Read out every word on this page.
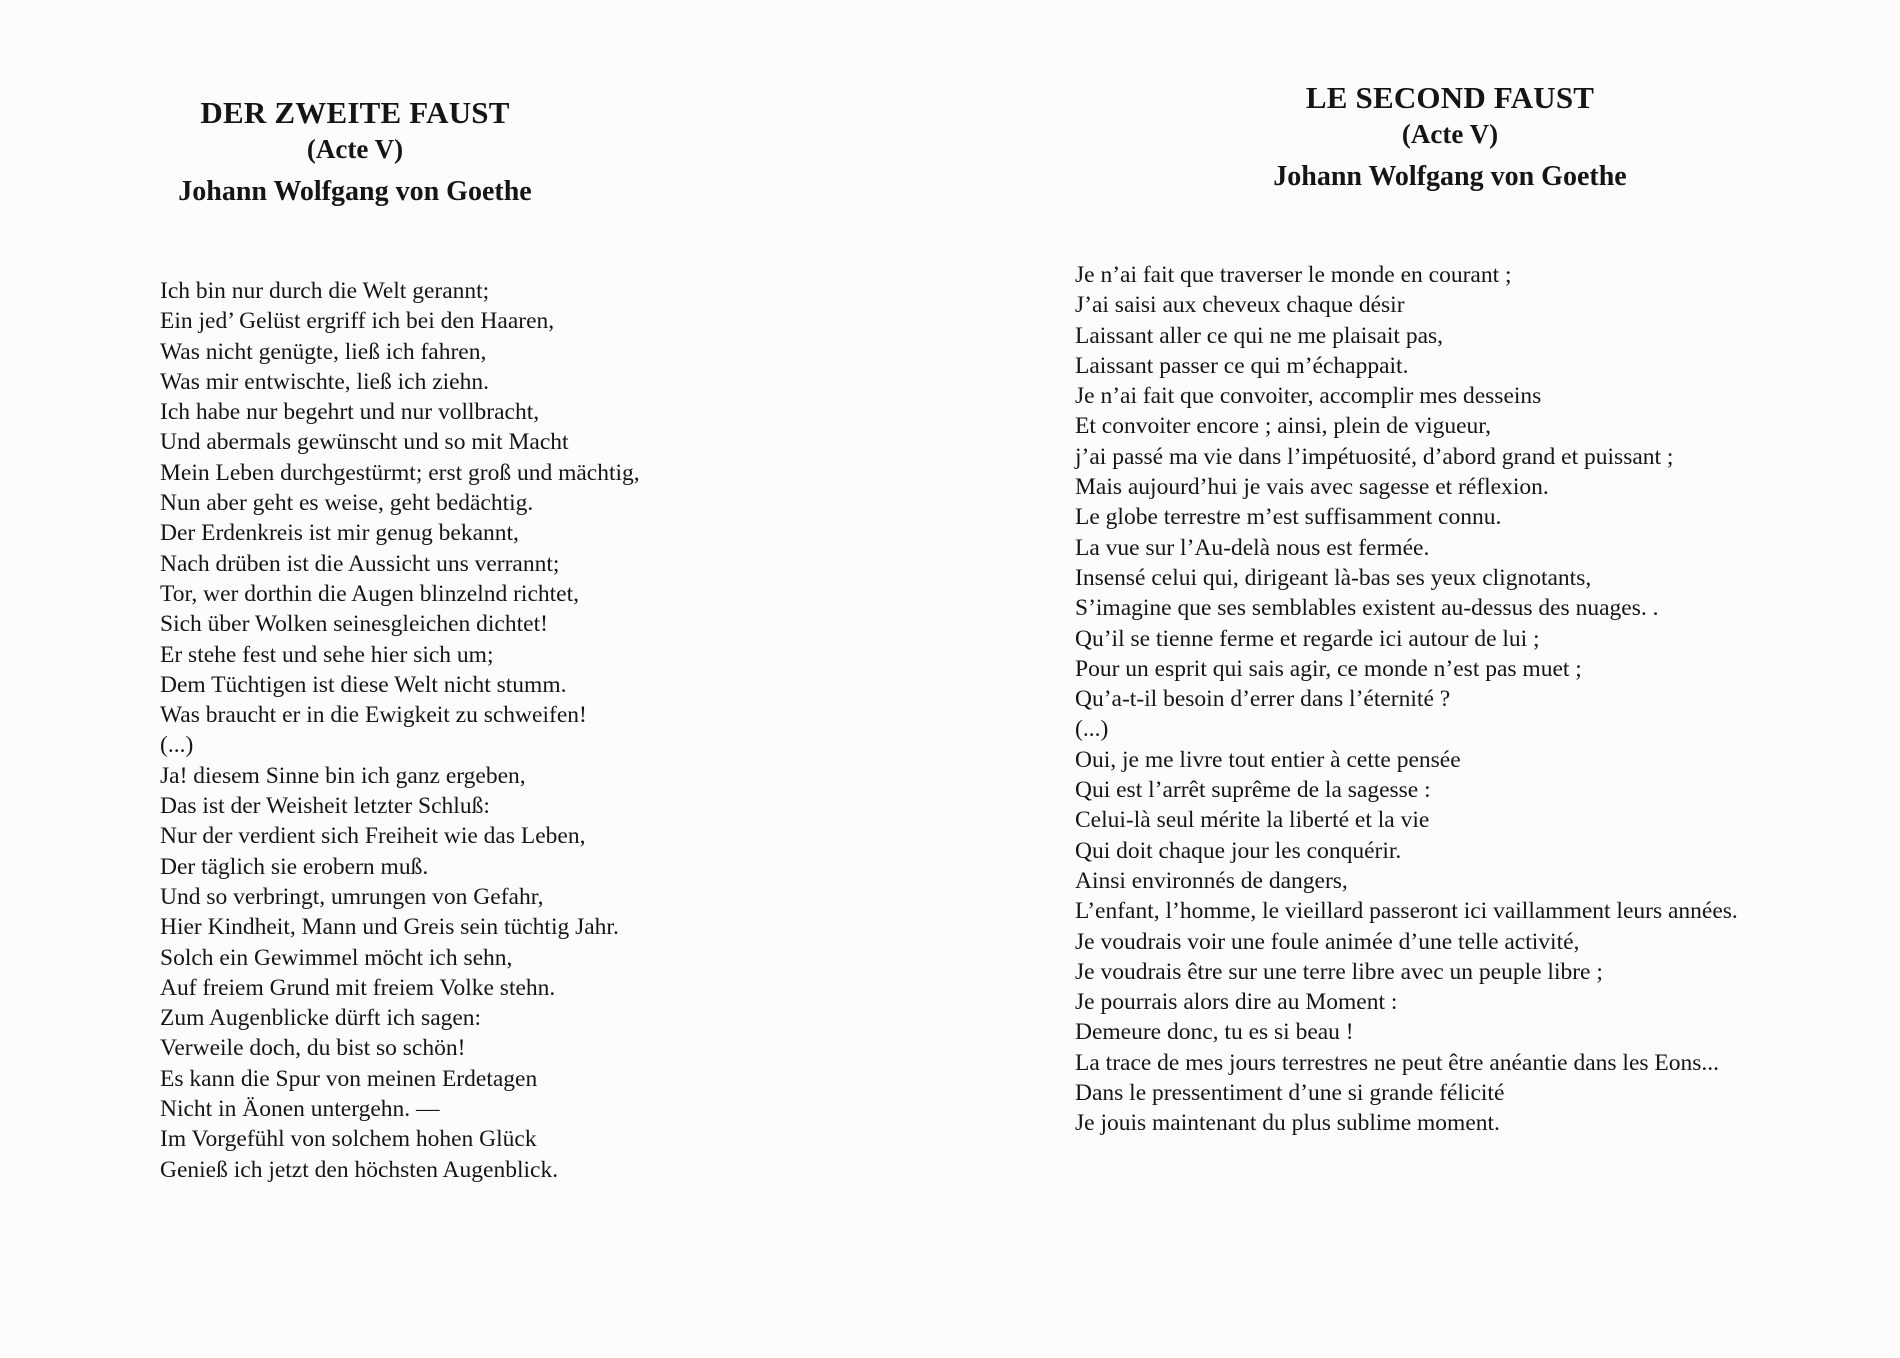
DER ZWEITE FAUST
(Acte V)
Johann Wolfgang von Goethe
Ich bin nur durch die Welt gerannt;
Ein jed’ Gelüst ergriff ich bei den Haaren,
Was nicht genügte, ließ ich fahren,
Was mir entwischte, ließ ich ziehn.
Ich habe nur begehrt und nur vollbracht,
Und abermals gewünscht und so mit Macht
Mein Leben durchgestürmt; erst groß und mächtig,
Nun aber geht es weise, geht bedächtig.
Der Erdenkreis ist mir genug bekannt,
Nach drüben ist die Aussicht uns verrannt;
Tor, wer dorthin die Augen blinzelnd richtet,
Sich über Wolken seinesgleichen dichtet!
Er stehe fest und sehe hier sich um;
Dem Tüchtigen ist diese Welt nicht stumm.
Was braucht er in die Ewigkeit zu schweifen!
(...)
Ja! diesem Sinne bin ich ganz ergeben,
Das ist der Weisheit letzter Schluß:
Nur der verdient sich Freiheit wie das Leben,
Der täglich sie erobern muß.
Und so verbringt, umrungen von Gefahr,
Hier Kindheit, Mann und Greis sein tüchtig Jahr.
Solch ein Gewimmel möcht ich sehn,
Auf freiem Grund mit freiem Volke stehn.
Zum Augenblicke dürft ich sagen:
Verweile doch, du bist so schön!
Es kann die Spur von meinen Erdetagen
Nicht in Äonen untergehn. —
Im Vorgefühl von solchem hohen Glück
Genieß ich jetzt den höchsten Augenblick.
LE SECOND FAUST
(Acte V)
Johann Wolfgang von Goethe
Je n’ai fait que traverser le monde en courant ;
J’ai saisi aux cheveux chaque désir
Laissant aller ce qui ne me plaisait pas,
Laissant passer ce qui m’échappait.
Je n’ai fait que convoiter, accomplir mes desseins
Et convoiter encore ; ainsi, plein de vigueur,
j’ai passé ma vie dans l’impétuosité, d’abord grand et puissant ;
Mais aujourd’hui je vais avec sagesse et réflexion.
Le globe terrestre m’est suffisamment connu.
La vue sur l’Au-delà nous est fermée.
Insensé celui qui, dirigeant là-bas ses yeux clignotants,
S’imagine que ses semblables existent au-dessus des nuages. .
Qu’il se tienne ferme et regarde ici autour de lui ;
Pour un esprit qui sais agir, ce monde n’est pas muet ;
Qu’a-t-il besoin d’errer dans l’éternité ?
(...)
Oui, je me livre tout entier à cette pensée
Qui est l’arrêt suprême de la sagesse :
Celui-là seul mérite la liberté et la vie
Qui doit chaque jour les conquérir.
Ainsi environnés de dangers,
L’enfant, l’homme, le vieillard passeront ici vaillamment leurs années.
Je voudrais voir une foule animée d’une telle activité,
Je voudrais être sur une terre libre avec un peuple libre ;
Je pourrais alors dire au Moment :
Demeure donc, tu es si beau !
La trace de mes jours terrestres ne peut être anéantie dans les Eons...
Dans le pressentiment d’une si grande félicité
Je jouis maintenant du plus sublime moment.
